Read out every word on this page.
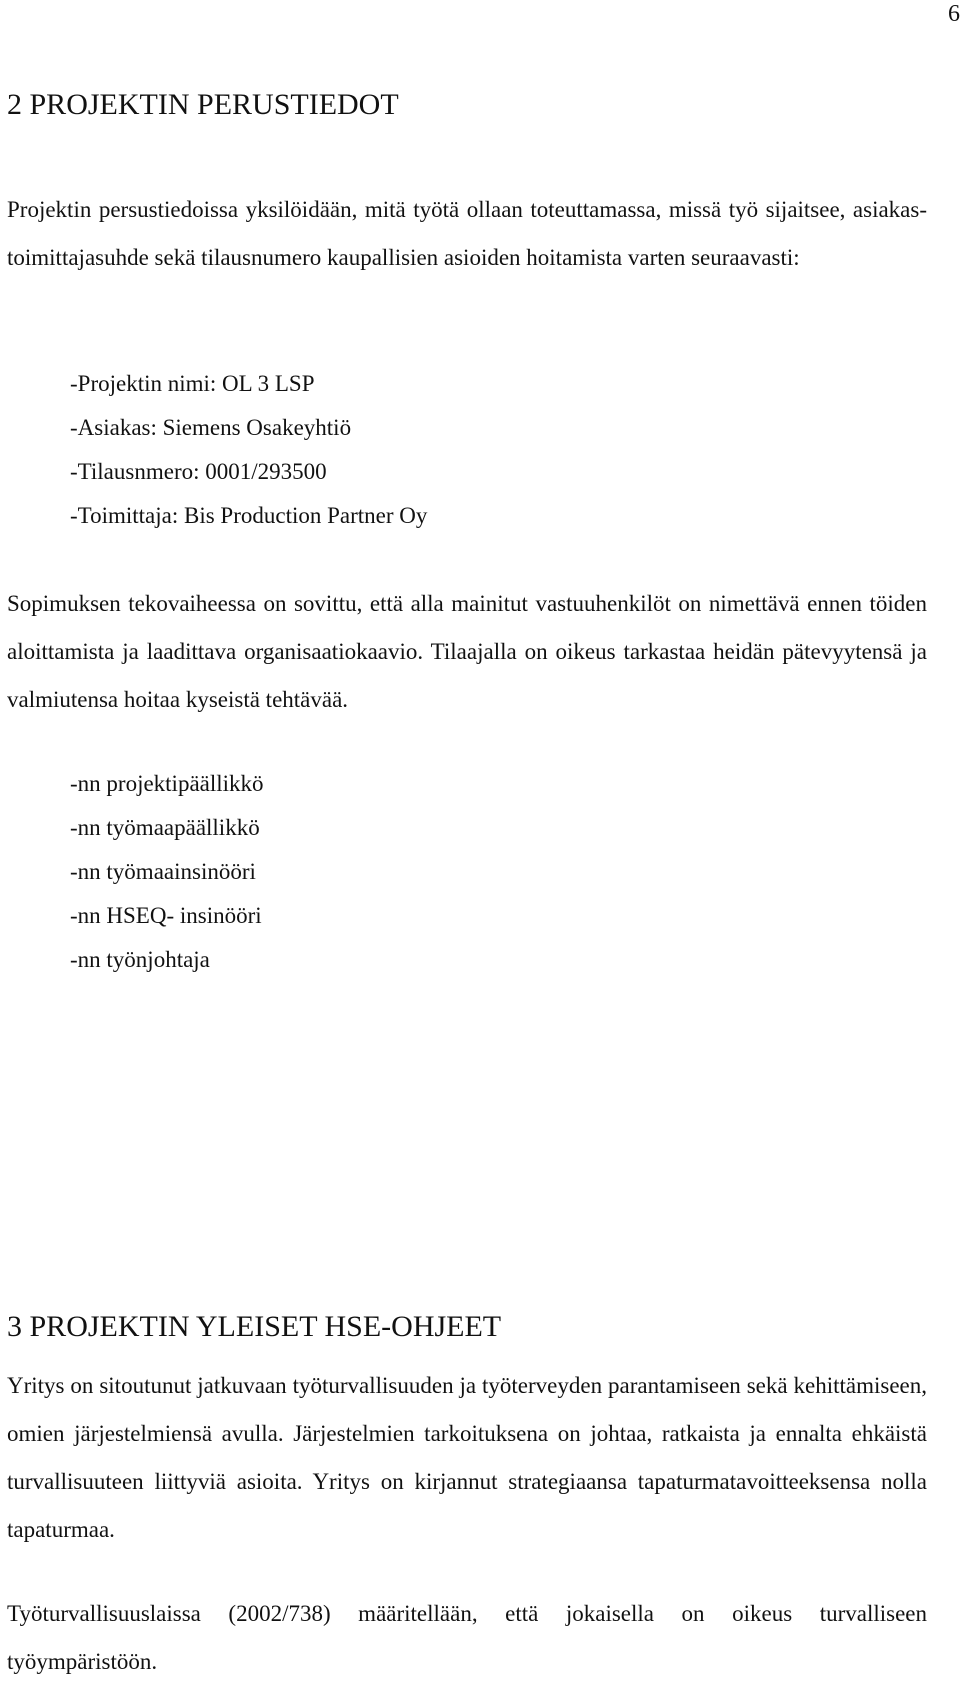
6
2 PROJEKTIN PERUSTIEDOT

Projektin persustiedoissa yksilöidään, mitä työtä ollaan toteuttamassa, missä työ sijaitsee, asiakas-toimittajasuhde sekä tilausnumero kaupallisien asioiden hoitamista varten seuraavasti:

-Projektin nimi: OL 3 LSP
-Asiakas: Siemens Osakeyhtiö
-Tilausnmero: 0001/293500
-Toimittaja: Bis Production Partner Oy

Sopimuksen tekovaiheessa on sovittu, että alla mainitut vastuuhenkilöt on nimettävä ennen töiden aloittamista ja laadittava organisaatiokaavio. Tilaajalla on oikeus tarkastaa heidän pätevyytensä ja valmiutensa hoitaa kyseistä tehtävää.

-nn projektipäällikkö
-nn työmaapäällikkö
-nn työmaainsinööri
-nn HSEQ- insinööri
-nn työnjohtaja
3 PROJEKTIN YLEISET HSE-OHJEET

Yritys on sitoutunut jatkuvaan työturvallisuuden ja työterveyden parantamiseen sekä kehittämiseen, omien järjestelmiensä avulla. Järjestelmien tarkoituksena on johtaa, ratkaista ja ennalta ehkäistä turvallisuuteen liittyviä asioita. Yritys on kirjannut strategiaansa tapaturmatavoitteeksensa nolla tapaturmaa.

Työturvallisuuslaissa (2002/738) määritellään, että jokaisella on oikeus turvalliseen työympäristöön.
